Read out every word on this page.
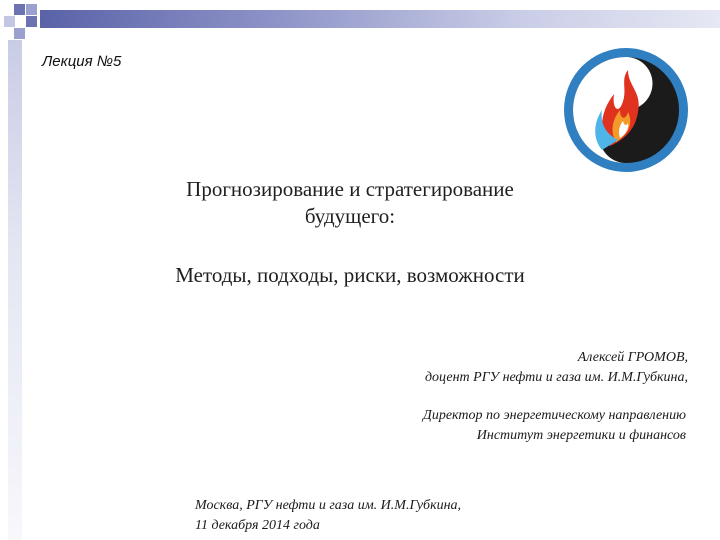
Лекция №5
Прогнозирование и стратегирование
будущего:
Методы, подходы, риски, возможности
Алексей ГРОМОВ,
доцент РГУ нефти и газа им. И.М.Губкина,
Директор по энергетическому направлению
Институт энергетики и финансов
Москва, РГУ нефти и газа им. И.М.Губкина,
11 декабря 2014 года
